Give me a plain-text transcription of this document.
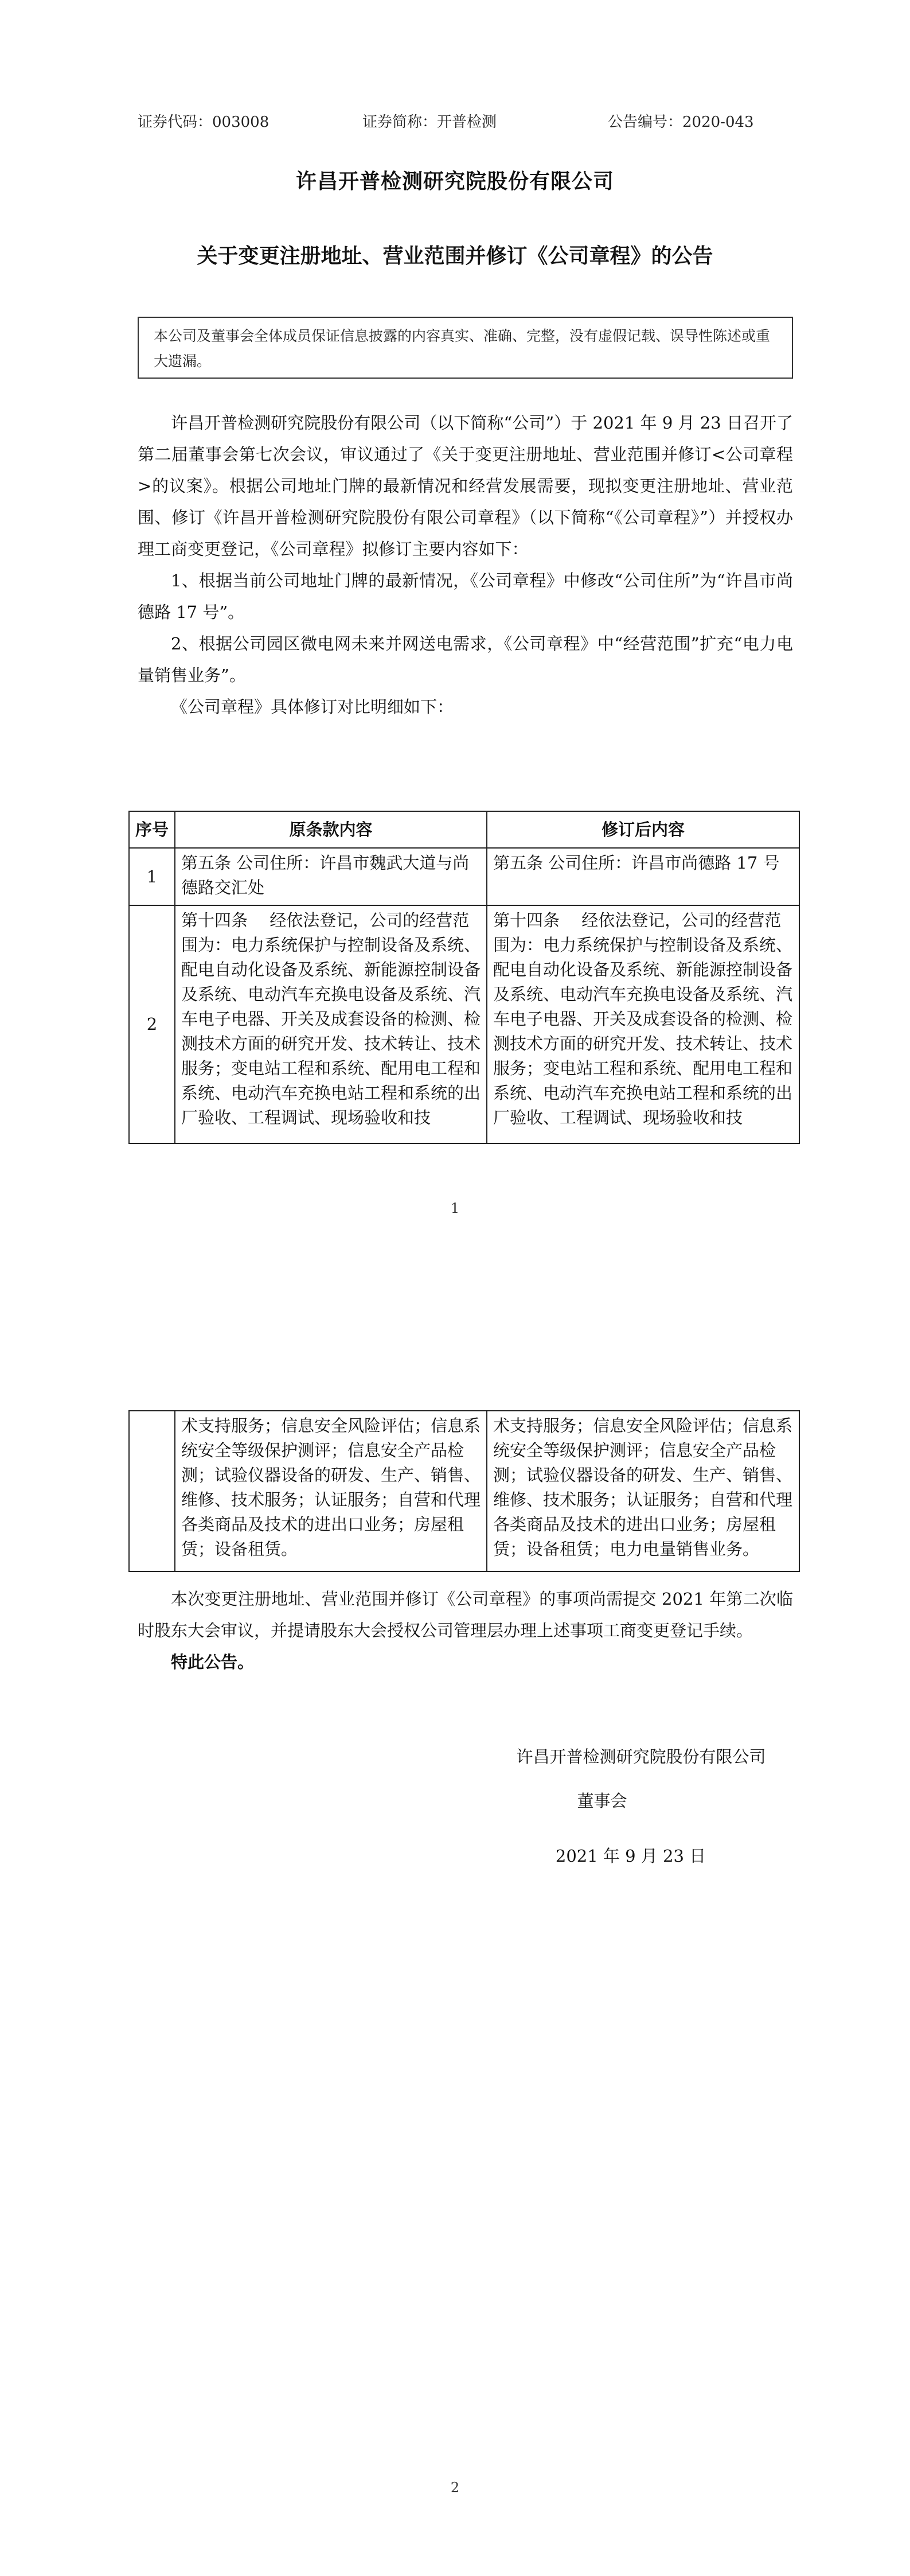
证券代码：003008	证券简称：开普检测	公告编号：2020-043
许昌开普检测研究院股份有限公司
关于变更注册地址、营业范围并修订《公司章程》的公告
本公司及董事会全体成员保证信息披露的内容真实、准确、完整，没有虚假记载、误导性陈述或重大遗漏。

许昌开普检测研究院股份有限公司（以下简称“公司”）于 2021 年 9 月 23 日召开了第二届董事会第七次会议，审议通过了《关于变更注册地址、营业范围并修订<公司章程>的议案》。根据公司地址门牌的最新情况和经营发展需要，现拟变更注册地址、营业范围、修订《许昌开普检测研究院股份有限公司章程》（以下简称“《公司章程》”）并授权办理工商变更登记，《公司章程》拟修订主要内容如下：

1、根据当前公司地址门牌的最新情况，《公司章程》中修改“公司住所”为“许昌市尚德路 17 号”。

2、根据公司园区微电网未来并网送电需求，《公司章程》中“经营范围”扩充“电力电量销售业务”。

《公司章程》具体修订对比明细如下：

序号	原条款内容	修订后内容
1	第五条 公司住所：许昌市魏武大道与尚德路交汇处	第五条 公司住所：许昌市尚德路 17 号
2	第十四条　 经依法登记，公司的经营范围为：电力系统保护与控制设备及系统、配电自动化设备及系统、新能源控制设备及系统、电动汽车充换电设备及系统、汽车电子电器、开关及成套设备的检测、检测技术方面的研究开发、技术转让、技术服务；变电站工程和系统、配用电工程和系统、电动汽车充换电站工程和系统的出厂验收、工程调试、现场验收和技	第十四条　 经依法登记，公司的经营范围为：电力系统保护与控制设备及系统、配电自动化设备及系统、新能源控制设备及系统、电动汽车充换电设备及系统、汽车电子电器、开关及成套设备的检测、检测技术方面的研究开发、技术转让、技术服务；变电站工程和系统、配用电工程和系统、电动汽车充换电站工程和系统的出厂验收、工程调试、现场验收和技
1
2
	术支持服务；信息安全风险评估；信息系统安全等级保护测评；信息安全产品检测；试验仪器设备的研发、生产、销售、维修、技术服务；认证服务；自营和代理各类商品及技术的进出口业务；房屋租赁；设备租赁。	术支持服务；信息安全风险评估；信息系统安全等级保护测评；信息安全产品检测；试验仪器设备的研发、生产、销售、维修、技术服务；认证服务；自营和代理各类商品及技术的进出口业务；房屋租赁；设备租赁；电力电量销售业务。

本次变更注册地址、营业范围并修订《公司章程》的事项尚需提交 2021 年第二次临时股东大会审议，并提请股东大会授权公司管理层办理上述事项工商变更登记手续。

特此公告。

许昌开普检测研究院股份有限公司
董事会
2021 年 9 月 23 日
